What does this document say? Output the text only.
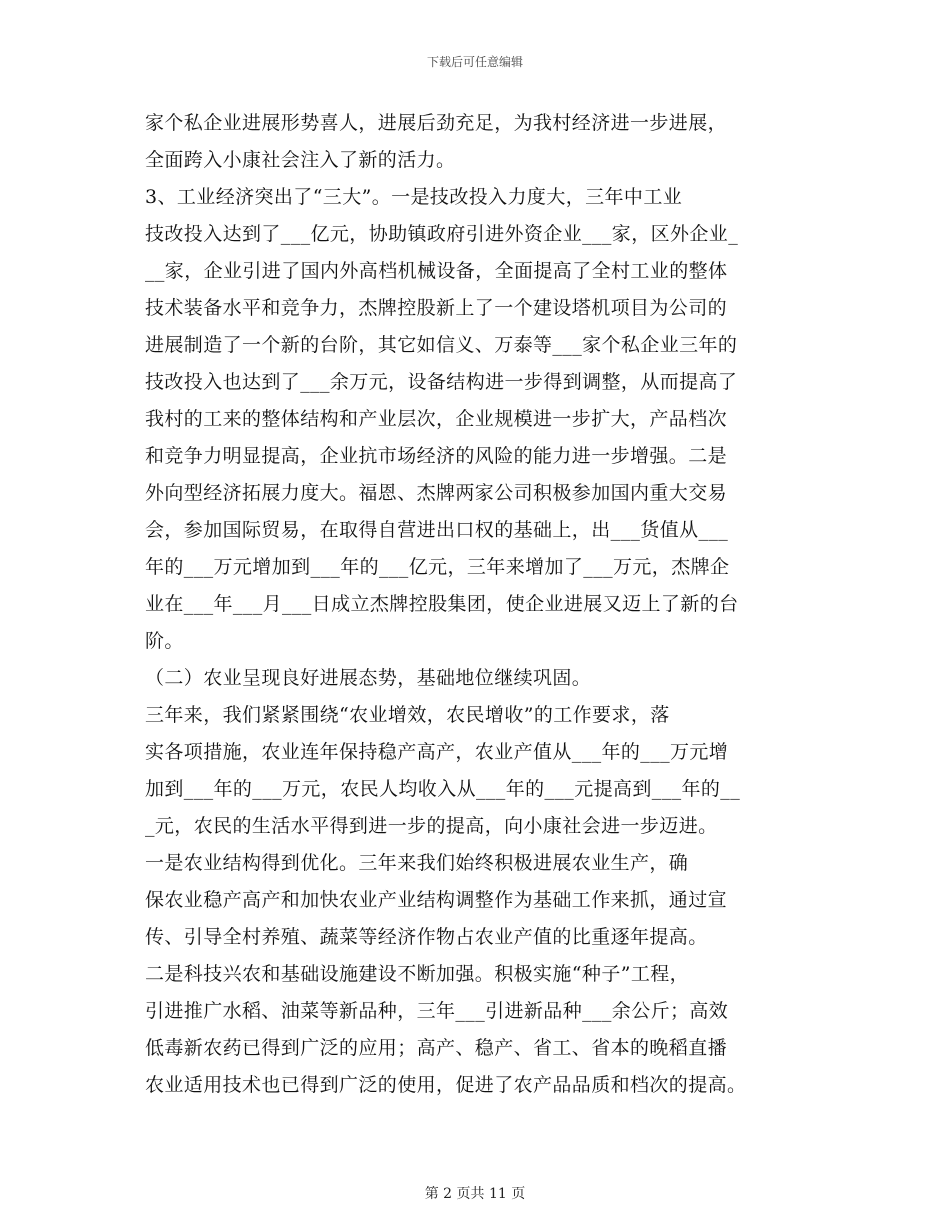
下载后可任意编辑
家个私企业进展形势喜人，进展后劲充足，为我村经济进一步进展，
全面跨入小康社会注入了新的活力。
3、工业经济突出了“三大”。一是技改投入力度大，三年中工业
技改投入达到了___亿元，协助镇政府引进外资企业___家，区外企业_
__家，企业引进了国内外高档机械设备，全面提高了全村工业的整体
技术装备水平和竞争力，杰牌控股新上了一个建设塔机项目为公司的
进展制造了一个新的台阶，其它如信义、万泰等___家个私企业三年的
技改投入也达到了___余万元，设备结构进一步得到调整，从而提高了
我村的工来的整体结构和产业层次，企业规模进一步扩大，产品档次
和竞争力明显提高，企业抗市场经济的风险的能力进一步增强。二是
外向型经济拓展力度大。福恩、杰牌两家公司积极参加国内重大交易
会，参加国际贸易，在取得自营进出口权的基础上，出___货值从___
年的___万元增加到___年的___亿元，三年来增加了___万元，杰牌企
业在___年___月___日成立杰牌控股集团，使企业进展又迈上了新的台
阶。
（二）农业呈现良好进展态势，基础地位继续巩固。
三年来，我们紧紧围绕“农业增效，农民增收”的工作要求，落
实各项措施，农业连年保持稳产高产，农业产值从___年的___万元增
加到___年的___万元，农民人均收入从___年的___元提高到___年的__
_元，农民的生活水平得到进一步的提高，向小康社会进一步迈进。
一是农业结构得到优化。三年来我们始终积极进展农业生产，确
保农业稳产高产和加快农业产业结构调整作为基础工作来抓，通过宣
传、引导全村养殖、蔬菜等经济作物占农业产值的比重逐年提高。
二是科技兴农和基础设施建设不断加强。积极实施“种子”工程，
引进推广水稻、油菜等新品种，三年___引进新品种___余公斤；高效
低毒新农药已得到广泛的应用；高产、稳产、省工、省本的晚稻直播
农业适用技术也已得到广泛的使用，促进了农产品品质和档次的提高。
第 2 页共 11 页
